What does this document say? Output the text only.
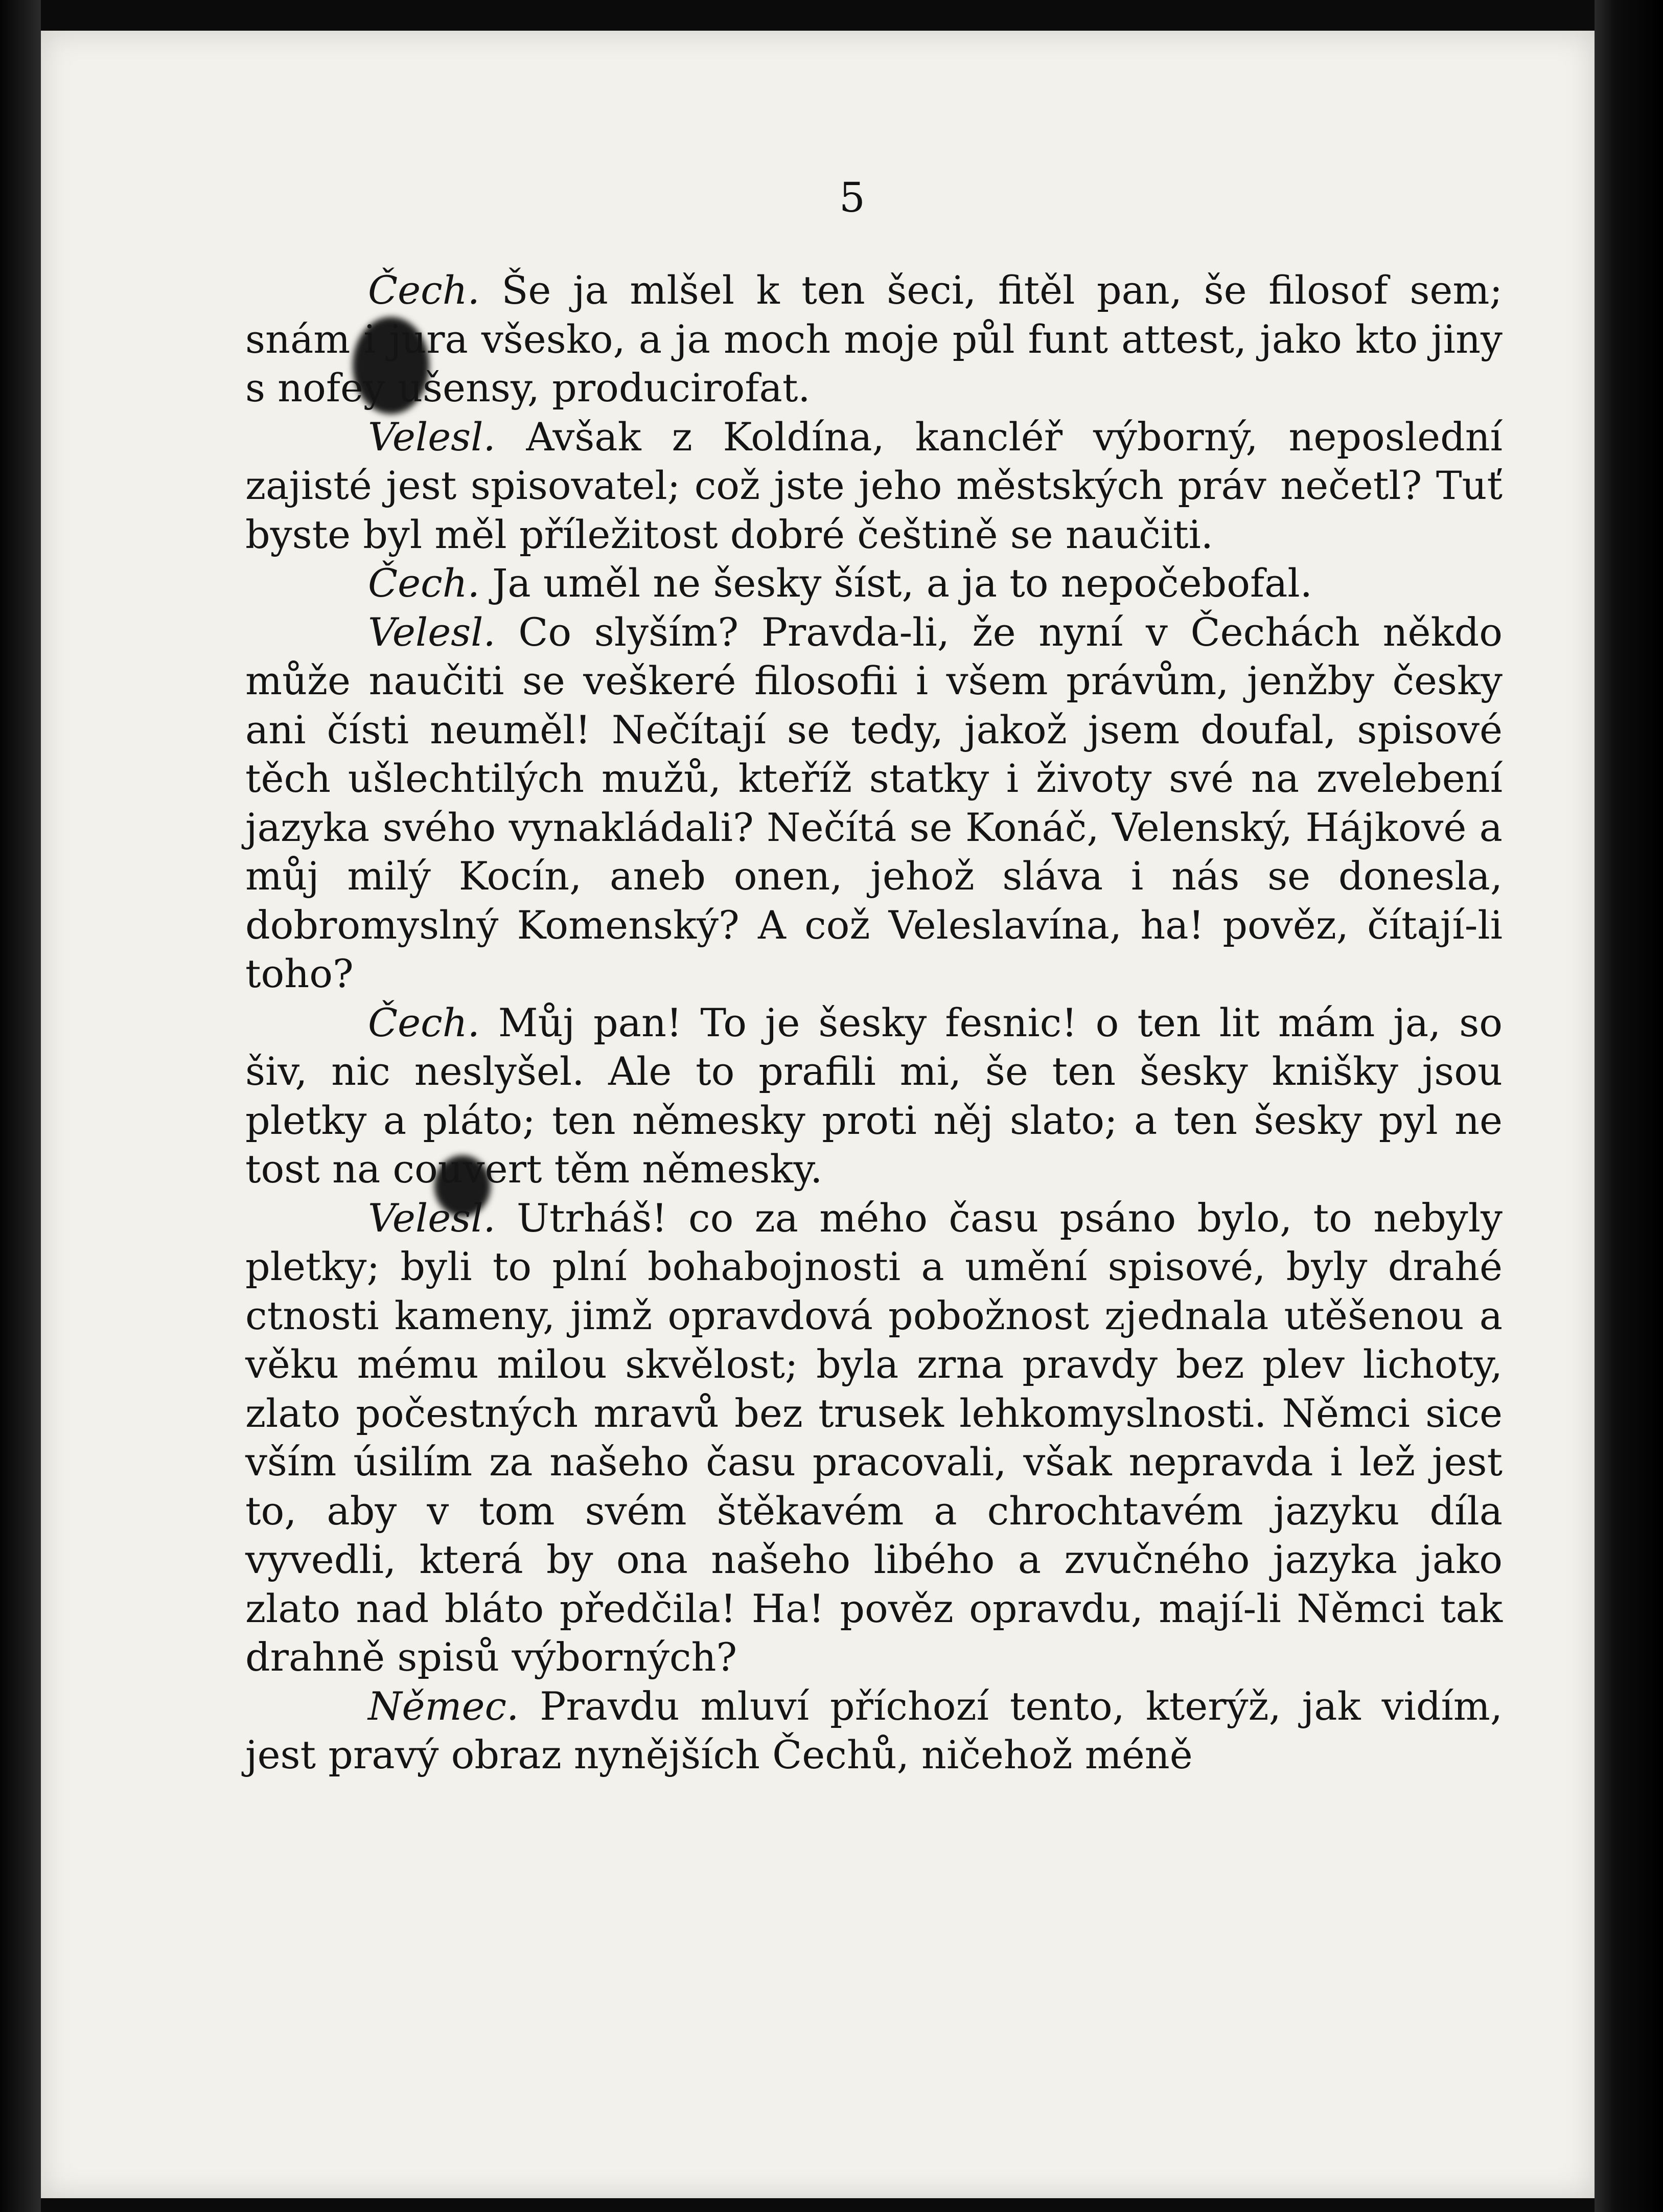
5

Čech. Še ja mlšel k ten šeci, fitěl pan, še filosof sem; snám i jura všesko, a ja moch moje půl funt attest, jako kto jiny s nofey ušensy, producirofat.

Velesl. Avšak z Koldína, kancléř výborný, neposlední zajisté jest spisovatel; což jste jeho městských práv nečetl? Tuť byste byl měl příležitost dobré češtině se naučiti.

Čech. Ja uměl ne šesky šíst, a ja to nepočebofal.

Velesl. Co slyším? Pravda-li, že nyní v Čechách někdo může naučiti se veškeré filosofii i všem právům, jenžby česky ani čísti neuměl! Nečítají se tedy, jakož jsem doufal, spisové těch ušlechtilých mužů, kteříž statky i životy své na zvelebení jazyka svého vynakládali? Nečítá se Konáč, Velenský, Hájkové a můj milý Kocín, aneb onen, jehož sláva i nás se donesla, dobromyslný Komenský? A což Veleslavína, ha! pověz, čítají-li toho?

Čech. Můj pan! To je šesky fesnic! o ten lit mám ja, so šiv, nic neslyšel. Ale to prafili mi, še ten šesky knišky jsou pletky a pláto; ten němesky proti něj slato; a ten šesky pyl ne tost na couvert těm němesky.

Velesl. Utrháš! co za mého času psáno bylo, to nebyly pletky; byli to plní bohabojnosti a umění spisové, byly drahé ctnosti kameny, jimž opravdová pobožnost zjednala utěšenou a věku mému milou skvělost; byla zrna pravdy bez plev lichoty, zlato počestných mravů bez trusek lehkomyslnosti. Němci sice vším úsilím za našeho času pracovali, však nepravda i lež jest to, aby v tom svém štěkavém a chrochtavém jazyku díla vyvedli, která by ona našeho libého a zvučného jazyka jako zlato nad bláto předčila! Ha! pověz opravdu, mají-li Němci tak drahně spisů výborných?

Němec. Pravdu mluví příchozí tento, kterýž, jak vidím, jest pravý obraz nynějších Čechů, ničehož méně
